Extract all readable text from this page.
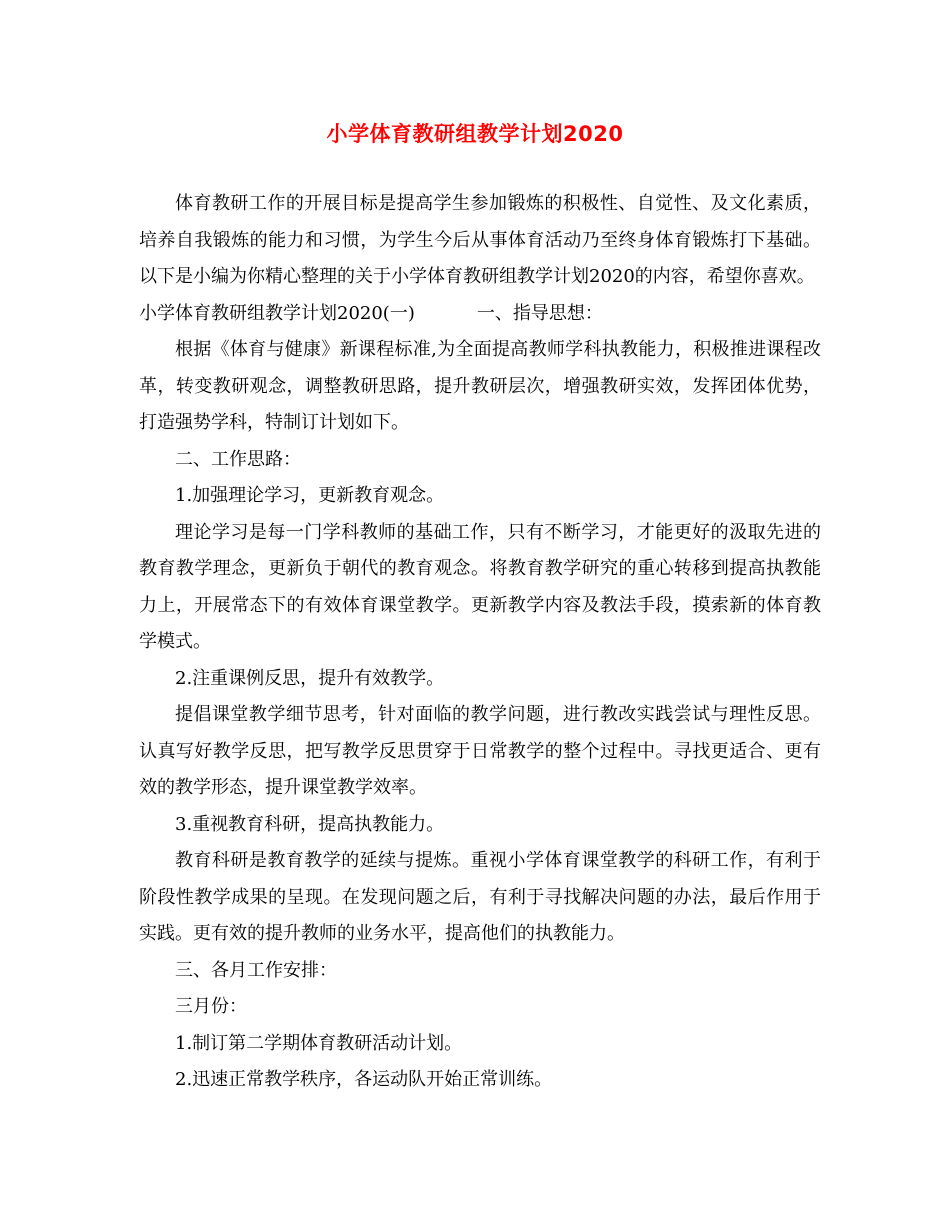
小学体育教研组教学计划2020

体育教研工作的开展目标是提高学生参加锻炼的积极性、自觉性、及文化素质，培养自我锻炼的能力和习惯，为学生今后从事体育活动乃至终身体育锻炼打下基础。以下是小编为你精心整理的关于小学体育教研组教学计划2020的内容，希望你喜欢。

小学体育教研组教学计划2020(一)	一、指导思想：

根据《体育与健康》新课程标准,为全面提高教师学科执教能力，积极推进课程改革，转变教研观念，调整教研思路，提升教研层次，增强教研实效，发挥团体优势，打造强势学科，特制订计划如下。

二、工作思路：

1.加强理论学习，更新教育观念。

理论学习是每一门学科教师的基础工作，只有不断学习，才能更好的汲取先进的教育教学理念，更新负于朝代的教育观念。将教育教学研究的重心转移到提高执教能力上，开展常态下的有效体育课堂教学。更新教学内容及教法手段，摸索新的体育教学模式。

2.注重课例反思，提升有效教学。

提倡课堂教学细节思考，针对面临的教学问题，进行教改实践尝试与理性反思。认真写好教学反思，把写教学反思贯穿于日常教学的整个过程中。寻找更适合、更有效的教学形态，提升课堂教学效率。

3.重视教育科研，提高执教能力。

教育科研是教育教学的延续与提炼。重视小学体育课堂教学的科研工作，有利于阶段性教学成果的呈现。在发现问题之后，有利于寻找解决问题的办法，最后作用于实践。更有效的提升教师的业务水平，提高他们的执教能力。

三、各月工作安排：

三月份：

1.制订第二学期体育教研活动计划。

2.迅速正常教学秩序，各运动队开始正常训练。
